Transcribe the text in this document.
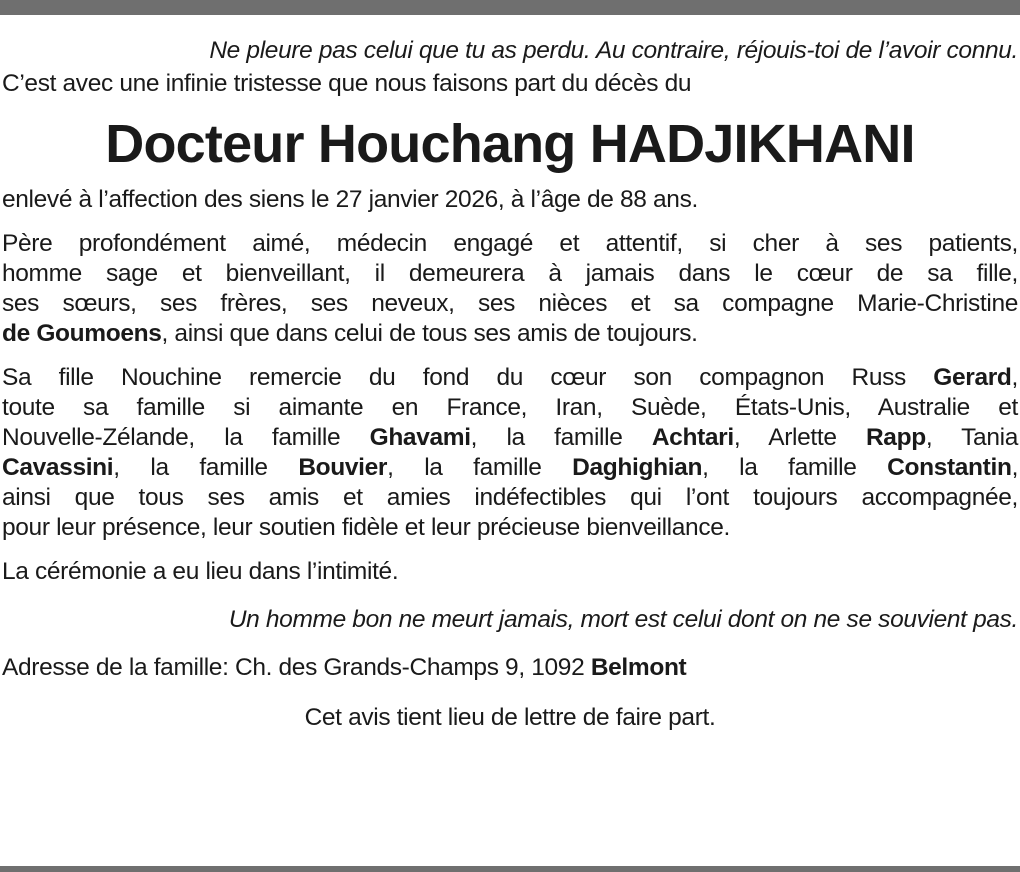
Ne pleure pas celui que tu as perdu. Au contraire, réjouis-toi de l’avoir connu.
C’est avec une infinie tristesse que nous faisons part du décès du
Docteur Houchang HADJIKHANI
enlevé à l’affection des siens le 27 janvier 2026, à l’âge de 88 ans.
Père profondément aimé, médecin engagé et attentif, si cher à ses patients,
homme sage et bienveillant, il demeurera à jamais dans le cœur de sa fille,
ses sœurs, ses frères, ses neveux, ses nièces et sa compagne Marie-Christine
de Goumoens, ainsi que dans celui de tous ses amis de toujours.
Sa fille Nouchine remercie du fond du cœur son compagnon Russ Gerard,
toute sa famille si aimante en France, Iran, Suède, États-Unis, Australie et
Nouvelle-Zélande, la famille Ghavami, la famille Achtari, Arlette Rapp, Tania
Cavassini, la famille Bouvier, la famille Daghighian, la famille Constantin,
ainsi que tous ses amis et amies indéfectibles qui l’ont toujours accompagnée,
pour leur présence, leur soutien fidèle et leur précieuse bienveillance.
La cérémonie a eu lieu dans l’intimité.
Un homme bon ne meurt jamais, mort est celui dont on ne se souvient pas.
Adresse de la famille: Ch. des Grands-Champs 9, 1092 Belmont
Cet avis tient lieu de lettre de faire part.
